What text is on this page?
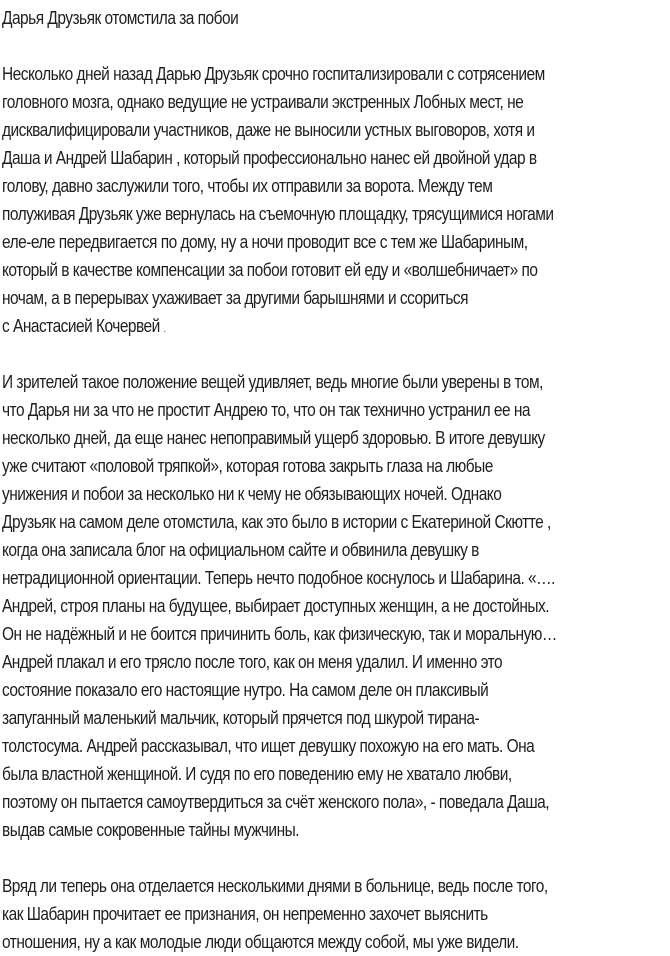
Дарья Друзьяк отомстила за побои
Несколько дней назад Дарью Друзьяк срочно госпитализировали с сотрясением
головного мозга, однако ведущие не устраивали экстренных Лобных мест, не
дисквалифицировали участников, даже не выносили устных выговоров, хотя и
Даша и Андрей Шабарин , который профессионально нанес ей двойной удар в
голову, давно заслужили того, чтобы их отправили за ворота. Между тем
полуживая Друзьяк уже вернулась на съемочную площадку, трясущимися ногами
еле-еле передвигается по дому, ну а ночи проводит все с тем же Шабариным,
который в качестве компенсации за побои готовит ей еду и «волшебничает» по
ночам, а в перерывах ухаживает за другими барышнями и ссориться
с Анастасией Кочервей .
И зрителей такое положение вещей удивляет, ведь многие были уверены в том,
что Дарья ни за что не простит Андрею то, что он так технично устранил ее на
несколько дней, да еще нанес непоправимый ущерб здоровью. В итоге девушку
уже считают «половой тряпкой», которая готова закрыть глаза на любые
унижения и побои за несколько ни к чему не обязывающих ночей. Однако
Друзьяк на самом деле отомстила, как это было в истории с Екатериной Скютте ,
когда она записала блог на официальном сайте и обвинила девушку в
нетрадиционной ориентации. Теперь нечто подобное коснулось и Шабарина. «….
Андрей, строя планы на будущее, выбирает доступных женщин, а не достойных.
Он не надёжный и не боится причинить боль, как физическую, так и моральную…
Андрей плакал и его трясло после того, как он меня удалил. И именно это
состояние показало его настоящие нутро. На самом деле он плаксивый
запуганный маленький мальчик, который прячется под шкурой тирана-
толстосума. Андрей рассказывал, что ищет девушку похожую на его мать. Она
была властной женщиной. И судя по его поведению ему не хватало любви,
поэтому он пытается самоутвердиться за счёт женского пола», - поведала Даша,
выдав самые сокровенные тайны мужчины.
Вряд ли теперь она отделается несколькими днями в больнице, ведь после того,
как Шабарин прочитает ее признания, он непременно захочет выяснить
отношения, ну а как молодые люди общаются между собой, мы уже видели.
